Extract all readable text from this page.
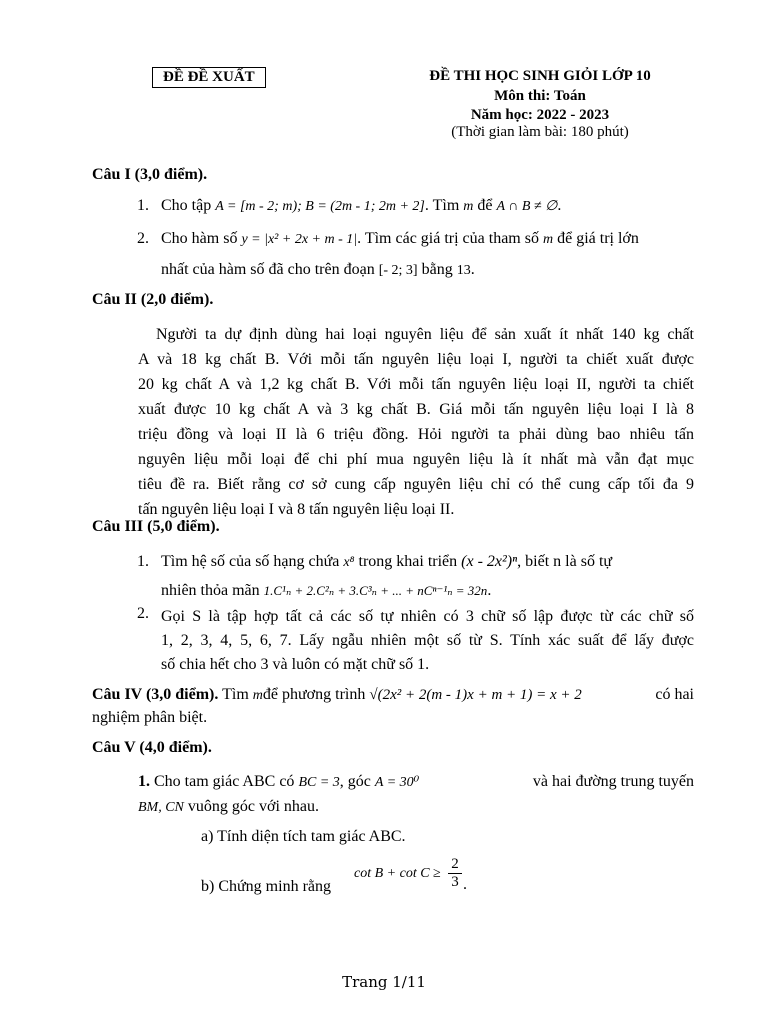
ĐỀ ĐỀ XUẤT	ĐỀ THI HỌC SINH GIỎI LỚP 10
Môn thi: Toán
Năm học: 2022 - 2023
(Thời gian làm bài: 180 phút)
Câu I (3,0 điểm).
1. Cho tập A = [m - 2; m); B = (2m - 1; 2m + 2]. Tìm m để A ∩ B ≠ ∅.
2. Cho hàm số y = |x² + 2x + m - 1|. Tìm các giá trị của tham số m để giá trị lớn
nhất của hàm số đã cho trên đoạn [- 2; 3] bằng 13.
Câu II (2,0 điểm).
Người ta dự định dùng hai loại nguyên liệu để sản xuất ít nhất 140 kg chất
A và 18 kg chất B. Với mỗi tấn nguyên liệu loại I, người ta chiết xuất được
20 kg chất A và 1,2 kg chất B. Với mỗi tấn nguyên liệu loại II, người ta chiết
xuất được 10 kg chất A và 3 kg chất B. Giá mỗi tấn nguyên liệu loại I là 8
triệu đồng và loại II là 6 triệu đồng. Hỏi người ta phải dùng bao nhiêu tấn
nguyên liệu mỗi loại để chi phí mua nguyên liệu là ít nhất mà vẫn đạt mục
tiêu đề ra. Biết rằng cơ sở cung cấp nguyên liệu chỉ có thể cung cấp tối đa 9
tấn nguyên liệu loại I và 8 tấn nguyên liệu loại II.
Câu III (5,0 điểm).
1. Tìm hệ số của số hạng chứa x⁸ trong khai triển (x - 2x²)ⁿ, biết n là số tự
nhiên thỏa mãn 1.C¹ₙ + 2.C²ₙ + 3.C³ₙ + ... + nCⁿ⁻¹ₙ = 32n.
2. Gọi S là tập hợp tất cả các số tự nhiên có 3 chữ số lập được từ các chữ số
1, 2, 3, 4, 5, 6, 7. Lấy ngẫu nhiên một số từ S. Tính xác suất để lấy được
số chia hết cho 3 và luôn có mặt chữ số 1.
Câu IV (3,0 điểm). Tìm mđể phương trình √(2x² + 2(m - 1)x + m + 1) = x + 2	có hai
nghiệm phân biệt.
Câu V (4,0 điểm).
1. Cho tam giác ABC có BC = 3, góc A = 30⁰	và hai đường trung tuyến
BM, CN vuông góc với nhau.
a) Tính diện tích tam giác ABC.
b) Chứng minh rằng
cot B + cot C ≥
2
3 .
Trang 1/11
